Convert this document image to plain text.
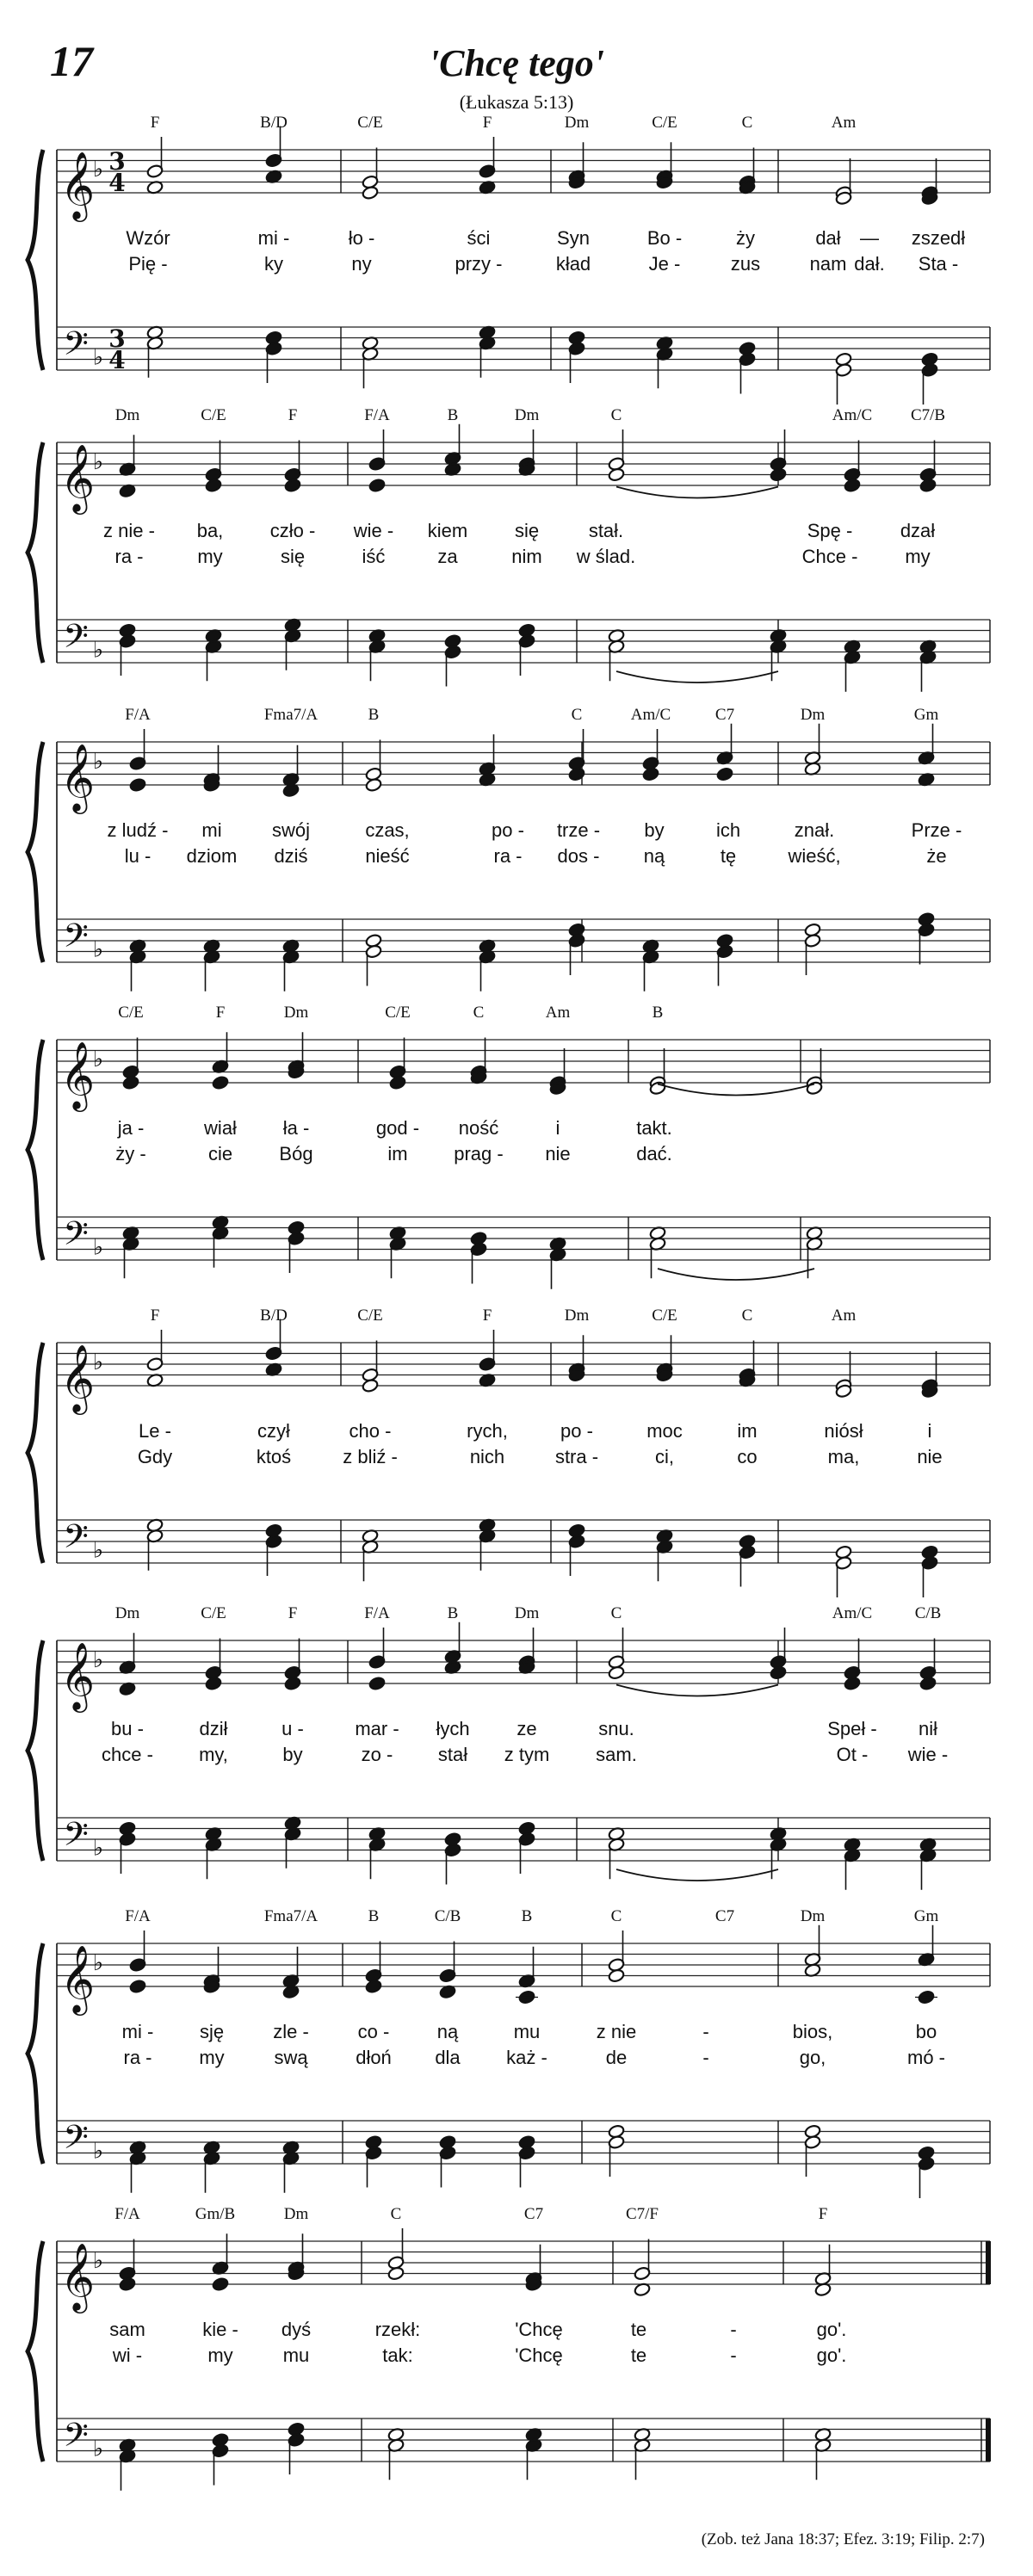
17	'Chcę tego'
(Łukasza 5:13)
𝄞
𝄢
♭
♭
3
4
3
4
F	B/D	C/E	F	Dm	C/E	C	Am
Wzór	mi -	ło -	ści	Syn	Bo -	ży	dał — zszedł
Pię -	ky	ny	przy -	kład	Je -	zus	nam dał. Sta -
𝄞
𝄢
♭
♭
Dm	C/E	F	F/A	B	Dm	C	Am/C C7/B
z nie - ba, czło - wie - kiem się	stał.	Spę -	dzał
ra -	my	się	iść	za	nim w ślad.	Chce - my
𝄞
𝄢
♭
♭
F/A	Fma7/A	B	C	Am/C	C7	Dm	Gm
z ludź - mi	swój	czas,	po - trze - by	ich	znał.	Prze -
lu - dziom dziś	nieść	ra - dos - ną	tę	wieść,	że
𝄞
𝄢
♭
♭
C/E	F	Dm	C/E	C	Am	B
ja -	wiał ła -	god - ność	i	takt.
ży -	cie Bóg	im prag - nie	dać.
𝄞
𝄢
♭
♭
F	B/D	C/E	F	Dm	C/E	C	Am
Le -	czył	cho -	rych,	po -	moc	im	niósł	i
Gdy	ktoś	z bliź -	nich	stra -	ci,	co	ma,	nie
𝄞
𝄢
♭
♭
Dm	C/E	F	F/A	B	Dm	C	Am/C	C/B
bu -	dził	u -	mar - łych ze	snu.	Speł - nił
chce - my,	by	zo - stał z tym sam.	Ot - wie -
𝄞
𝄢
♭
♭
F/A	Fma7/A	B	C/B	B	C	C7	Dm	Gm
mi - sję	zle -	co -	ną	mu	z nie	-	bios,	bo
ra - my	swą	dłoń dla każ -	de	-	go,	mó -
𝄞
𝄢
♭
♭
F/A	Gm/B	Dm	C	C7	C7/F	F
sam	kie - dyś	rzekł:	'Chcę	te	-	go'.
wi -	my	mu	tak:	'Chcę	te	-	go'.
(Zob. też Jana 18:37; Efez. 3:19; Filip. 2:7)
